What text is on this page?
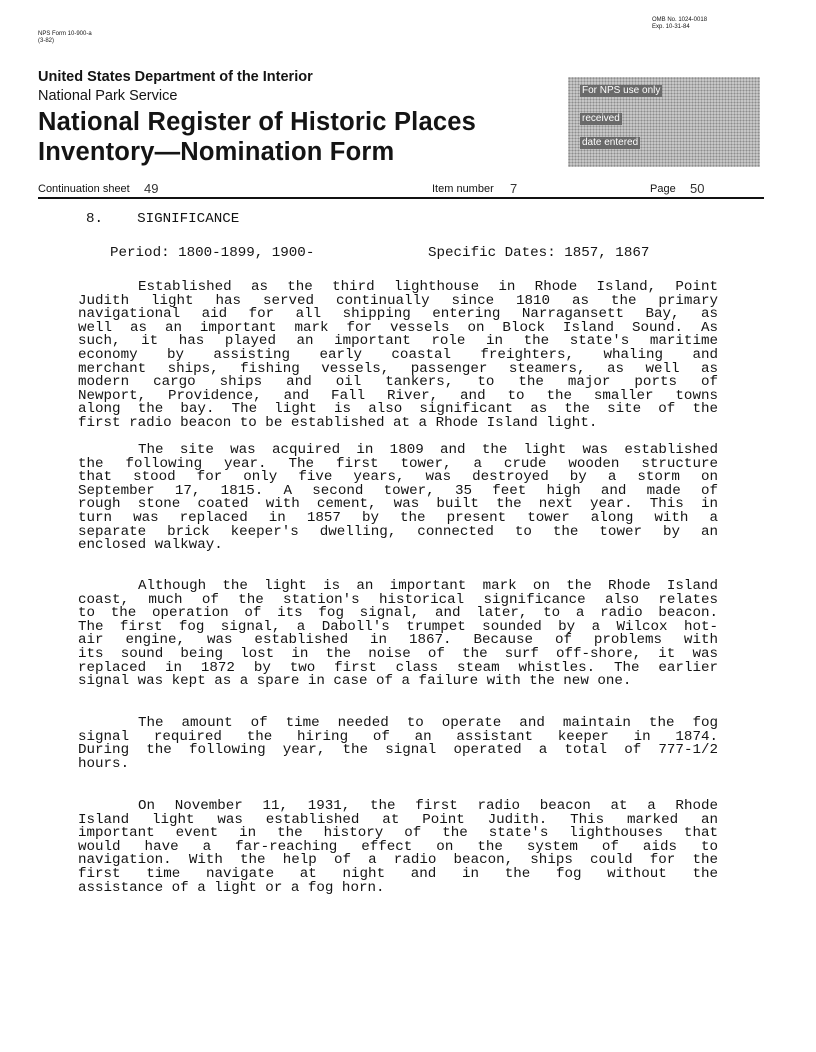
NPS Form 10-900-a
(3-82)
OMB No. 1024-0018
Exp. 10-31-84
United States Department of the Interior
National Park Service
National Register of Historic Places
Inventory—Nomination Form
For NPS use only
received
date entered
Continuation sheet 49	Item number 7	Page 50
8.    SIGNIFICANCE
Period: 1800-1899, 1900-	Specific Dates: 1857, 1867
Established as the third lighthouse in Rhode Island, Point
Judith light has served continually since 1810 as the primary
navigational aid for all shipping entering Narragansett Bay, as
well as an important mark for vessels on Block Island Sound. As
such, it has played an important role in the state's maritime
economy by assisting early coastal freighters, whaling and
merchant ships, fishing vessels, passenger steamers, as well as
modern cargo ships and oil tankers, to the major ports of
Newport, Providence, and Fall River, and to the smaller towns
along the bay. The light is also significant as the site of the
first radio beacon to be established at a Rhode Island light.
The site was acquired in 1809 and the light was established
the following year. The first tower, a crude wooden structure
that stood for only five years, was destroyed by a storm on
September 17, 1815. A second tower, 35 feet high and made of
rough stone coated with cement, was built the next year. This in
turn was replaced in 1857 by the present tower along with a
separate brick keeper's dwelling, connected to the tower by an
enclosed walkway.
Although the light is an important mark on the Rhode Island
coast, much of the station's historical significance also relates
to the operation of its fog signal, and later, to a radio beacon.
The first fog signal, a Daboll's trumpet sounded by a Wilcox hot-
air engine, was established in 1867. Because of problems with
its sound being lost in the noise of the surf off-shore, it was
replaced in 1872 by two first class steam whistles. The earlier
signal was kept as a spare in case of a failure with the new one.
The amount of time needed to operate and maintain the fog
signal required the hiring of an assistant keeper in 1874.
During the following year, the signal operated a total of 777-1/2
hours.
On November 11, 1931, the first radio beacon at a Rhode
Island light was established at Point Judith. This marked an
important event in the history of the state's lighthouses that
would have a far-reaching effect on the system of aids to
navigation. With the help of a radio beacon, ships could for the
first time navigate at night and in the fog without the
assistance of a light or a fog horn.
